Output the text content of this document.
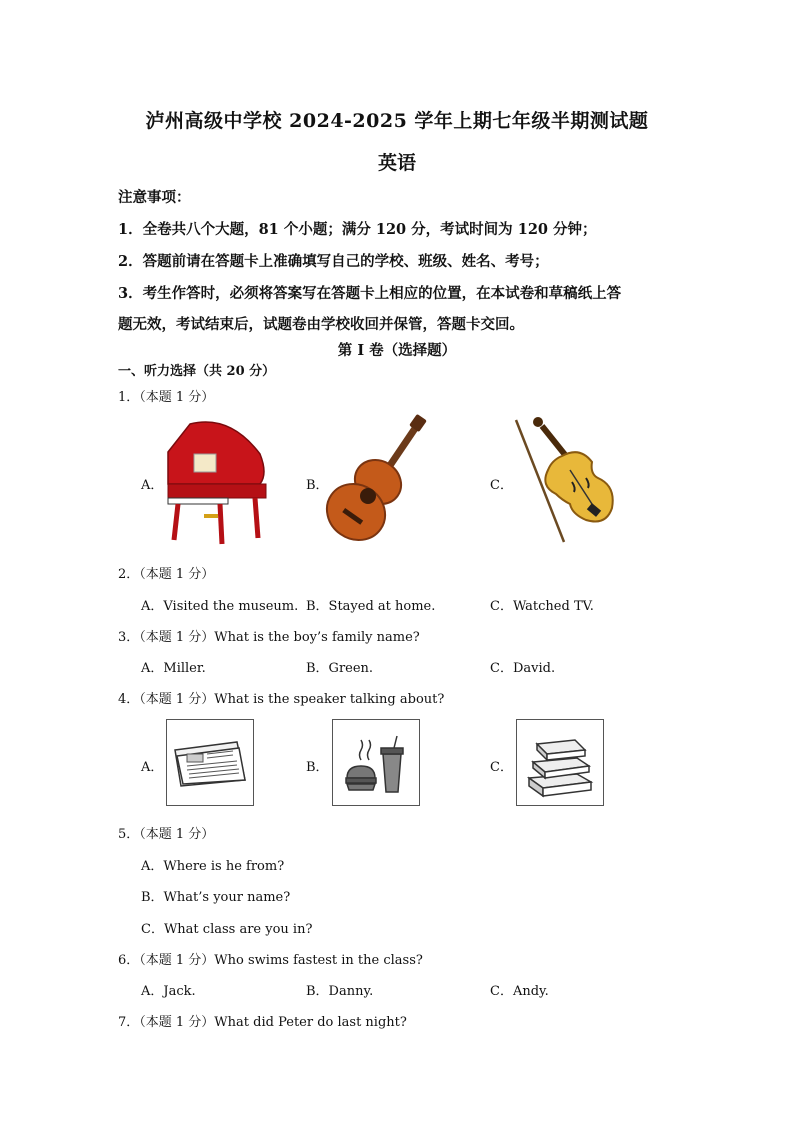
泸州高级中学校 2024-2025 学年上期七年级半期测试题
英语
注意事项：
1．全卷共八个大题，81 个小题；满分 120 分，考试时间为 120 分钟；
2．答题前请在答题卡上准确填写自己的学校、班级、姓名、考号；
3．考生作答时，必须将答案写在答题卡上相应的位置，在本试卷和草稿纸上答
题无效，考试结束后，试题卷由学校收回并保管，答题卡交回。
第 I 卷（选择题）
一、听力选择（共 20 分）
1．（本题 1 分）
A．	B．	C．
2．（本题 1 分）
A．Visited the museum. B．Stayed at home.	C．Watched TV.
3．（本题 1 分）What is the boy’s family name?
A．Miller.	B．Green.	C．David.
4．（本题 1 分）What is the speaker talking about?
A．	B．	C．
5．（本题 1 分）
A．Where is he from?
B．What’s your name?
C．What class are you in?
6．（本题 1 分）Who swims fastest in the class?
A．Jack.	B．Danny.	C．Andy.
7．（本题 1 分）What did Peter do last night?
